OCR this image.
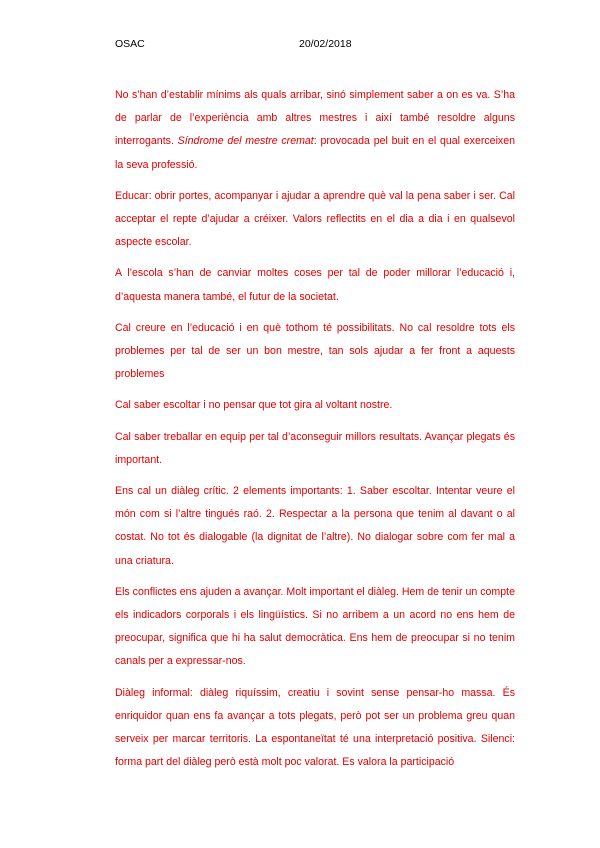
OSAC	20/02/2018

No s’han d’establir mínims als quals arribar, sinó simplement saber a on es va. S’ha de parlar de l’experiència amb altres mestres i així també resoldre alguns interrogants. Síndrome del mestre cremat: provocada pel buit en el qual exerceixen la seva professió.

Educar: obrir portes, acompanyar i ajudar a aprendre què val la pena saber i ser. Cal acceptar el repte d’ajudar a créixer. Valors reflectits en el dia a dia i en qualsevol aspecte escolar.

A l’escola s’han de canviar moltes coses per tal de poder millorar l’educació i, d’aquesta manera també, el futur de la societat.

Cal creure en l’educació i en què tothom té possibilitats. No cal resoldre tots els problemes per tal de ser un bon mestre, tan sols ajudar a fer front a aquests problemes

Cal saber escoltar i no pensar que tot gira al voltant nostre.

Cal saber treballar en equip per tal d’aconseguir millors resultats. Avançar plegats és important.

Ens cal un diàleg crític. 2 elements importants: 1. Saber escoltar. Intentar veure el món com si l’altre tingués raó. 2. Respectar a la persona que tenim al davant o al costat. No tot és dialogable (la dignitat de l’altre). No dialogar sobre com fer mal a una criatura.

Els conflictes ens ajuden a avançar. Molt important el diàleg. Hem de tenir un compte els indicadors corporals i els lingüístics. Si no arribem a un acord no ens hem de preocupar, significa que hi ha salut democràtica. Ens hem de preocupar si no tenim canals per a expressar-nos.

Diàleg informal: diàleg riquíssim, creatiu i sovint sense pensar-ho massa. És enriquidor quan ens fa avançar a tots plegats, però pot ser un problema greu quan serveix per marcar territoris. La espontaneïtat té una interpretació positiva. Silenci: forma part del diàleg però està molt poc valorat. Es valora la participació
